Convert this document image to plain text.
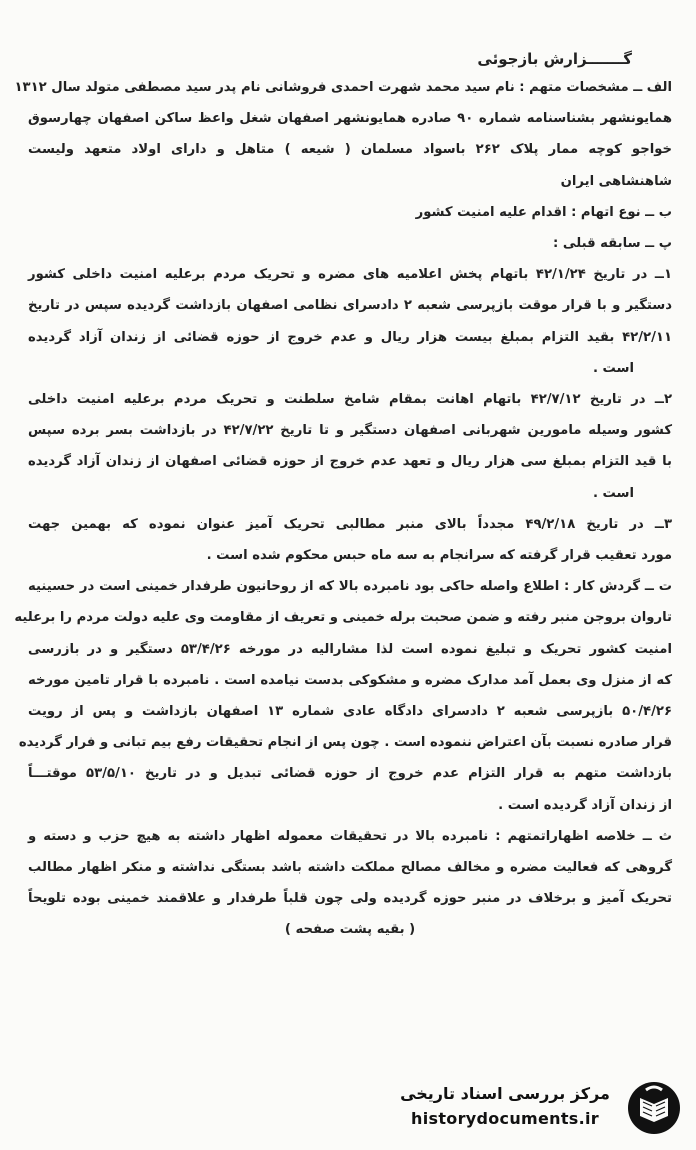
گـــــــزارش بازجوئی
الف ــ مشخصات متهم : نام سید محمد شهرت احمدی فروشانی نام پدر سید مصطفی متولد سال ۱۳۱۲
همایونشهر بشناسنامه شماره ۹۰ صادره همایونشهر اصفهان شغل واعظ ساکن اصفهان چهارسوق
خواجو کوچه ممار پلاک ۲۶۲ باسواد مسلمان ( شیعه ) متاهل و دارای اولاد متعهد ولیست
شاهنشاهی ایران
ب ــ نوع اتهام : اقدام علیه امنیت کشور
پ ــ سابقه قبلی :
۱ــ در تاریخ ۴۲/۱/۲۴ باتهام پخش اعلامیه های مضره و تحریک مردم برعلیه امنیت داخلی کشور
دستگیر و با قرار موقت بازپرسی شعبه ۲ دادسرای نظامی اصفهان بازداشت گردیده سپس در تاریخ
۴۲/۲/۱۱ بقید التزام بمبلغ بیست هزار ریال و عدم خروج از حوزه قضائی از زندان آزاد گردیده
است .
۲ــ در تاریخ ۴۲/۷/۱۲ باتهام اهانت بمقام شامخ سلطنت و تحریک مردم برعلیه امنیت داخلی
کشور وسیله مامورین شهربانی اصفهان دستگیر و تا تاریخ ۴۲/۷/۲۲ در بازداشت بسر برده سپس
با قید التزام بمبلغ سی هزار ریال و تعهد عدم خروج از حوزه قضائی اصفهان از زندان آزاد گردیده
است .
۳ــ در تاریخ ۴۹/۲/۱۸ مجدداً بالای منبر مطالبی تحریک آمیز عنوان نموده که بهمین جهت
مورد تعقیب قرار گرفته که سرانجام به سه ماه حبس محکوم شده است .
ت ــ گردش کار : اطلاع واصله حاکی بود نامبرده بالا که از روحانیون طرفدار خمینی است در حسینیه
تاروان بروجن منبر رفته و ضمن صحبت برله خمینی و تعریف از مقاومت وی علیه دولت مردم را برعلیه
امنیت کشور تحریک و تبلیغ نموده است لذا مشارالیه در مورخه ۵۳/۴/۲۶ دستگیر و در بازرسی
که از منزل وی بعمل آمد مدارک مضره و مشکوکی بدست نیامده است . نامبرده با قرار تامین مورخه
۵۰/۴/۲۶ بازپرسی شعبه ۲ دادسرای دادگاه عادی شماره ۱۳ اصفهان بازداشت و پس از رویت
قرار صادره نسبت بآن اعتراض ننموده است . چون پس از انجام تحقیقات رفع بیم تبانی و فرار گردیده
بازداشت متهم به قرار التزام عدم خروج از حوزه قضائی تبدیل و در تاریخ ۵۳/۵/۱۰ موقتـــاً
از زندان آزاد گردیده است .
ث ــ خلاصه اظهاراتمتهم : نامبرده بالا در تحقیقات معموله اظهار داشته به هیچ حزب و دسته و
گروهی که فعالیت مضره و مخالف مصالح مملکت داشته باشد بستگی نداشته و منکر اظهار مطالب
تحریک آمیز و برخلاف در منبر حوزه گردیده ولی چون قلباً طرفدار و علاقمند خمینی بوده تلویحاً
( بقیه پشت صفحه )
مرکز بررسی اسناد تاریخی
historydocuments.ir
